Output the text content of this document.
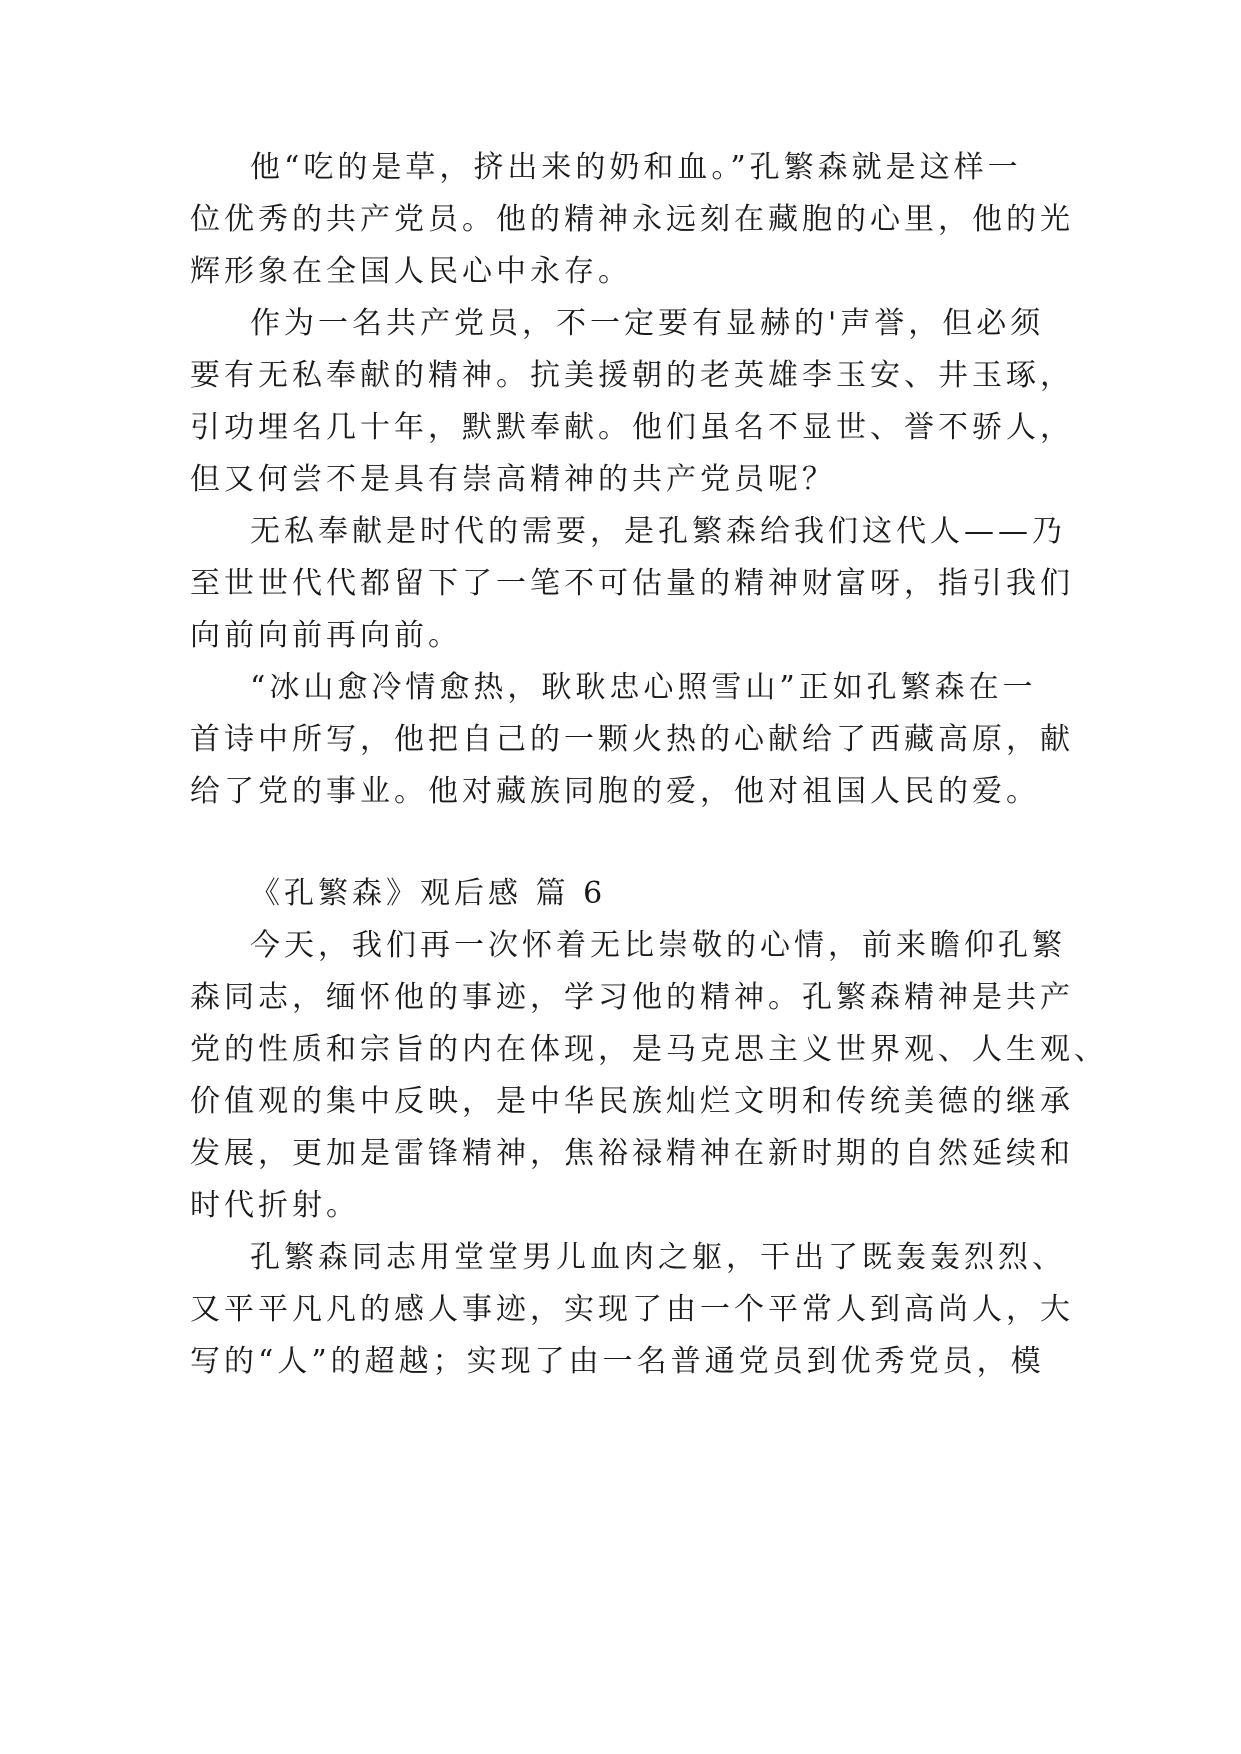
他“吃的是草，挤出来的奶和血。”孔繁森就是这样一
位优秀的共产党员。他的精神永远刻在藏胞的心里，他的光
辉形象在全国人民心中永存。
作为一名共产党员，不一定要有显赫的'声誉，但必须
要有无私奉献的精神。抗美援朝的老英雄李玉安、井玉琢，
引功埋名几十年，默默奉献。他们虽名不显世、誉不骄人，
但又何尝不是具有崇高精神的共产党员呢？
无私奉献是时代的需要，是孔繁森给我们这代人——乃
至世世代代都留下了一笔不可估量的精神财富呀，指引我们
向前向前再向前。
“冰山愈冷情愈热，耿耿忠心照雪山”正如孔繁森在一
首诗中所写，他把自己的一颗火热的心献给了西藏高原，献
给了党的事业。他对藏族同胞的爱，他对祖国人民的爱。
《孔繁森》观后感 篇 6
今天，我们再一次怀着无比崇敬的心情，前来瞻仰孔繁
森同志，缅怀他的事迹，学习他的精神。孔繁森精神是共产
党的性质和宗旨的内在体现，是马克思主义世界观、人生观、
价值观的集中反映，是中华民族灿烂文明和传统美德的继承
发展，更加是雷锋精神，焦裕禄精神在新时期的自然延续和
时代折射。
孔繁森同志用堂堂男儿血肉之躯，干出了既轰轰烈烈、
又平平凡凡的感人事迹，实现了由一个平常人到高尚人，大
写的“人”的超越；实现了由一名普通党员到优秀党员，模
